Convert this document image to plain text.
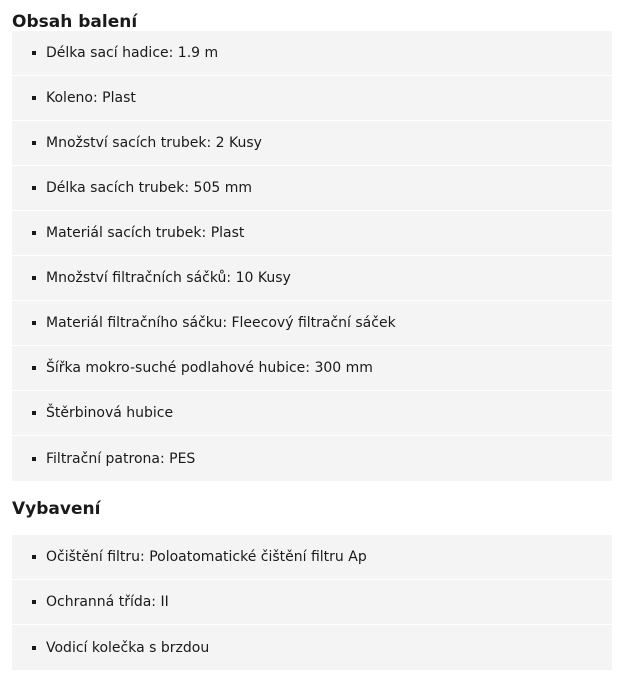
Obsah balení
Délka sací hadice: 1.9 m
Koleno: Plast
Množství sacích trubek: 2 Kusy
Délka sacích trubek: 505 mm
Materiál sacích trubek: Plast
Množství filtračních sáčků: 10 Kusy
Materiál filtračního sáčku: Fleecový filtrační sáček
Šířka mokro-suché podlahové hubice: 300 mm
Štěrbinová hubice
Filtrační patrona: PES
Vybavení
Očištění filtru: Poloatomatické čištění filtru Ap
Ochranná třída: II
Vodicí kolečka s brzdou
